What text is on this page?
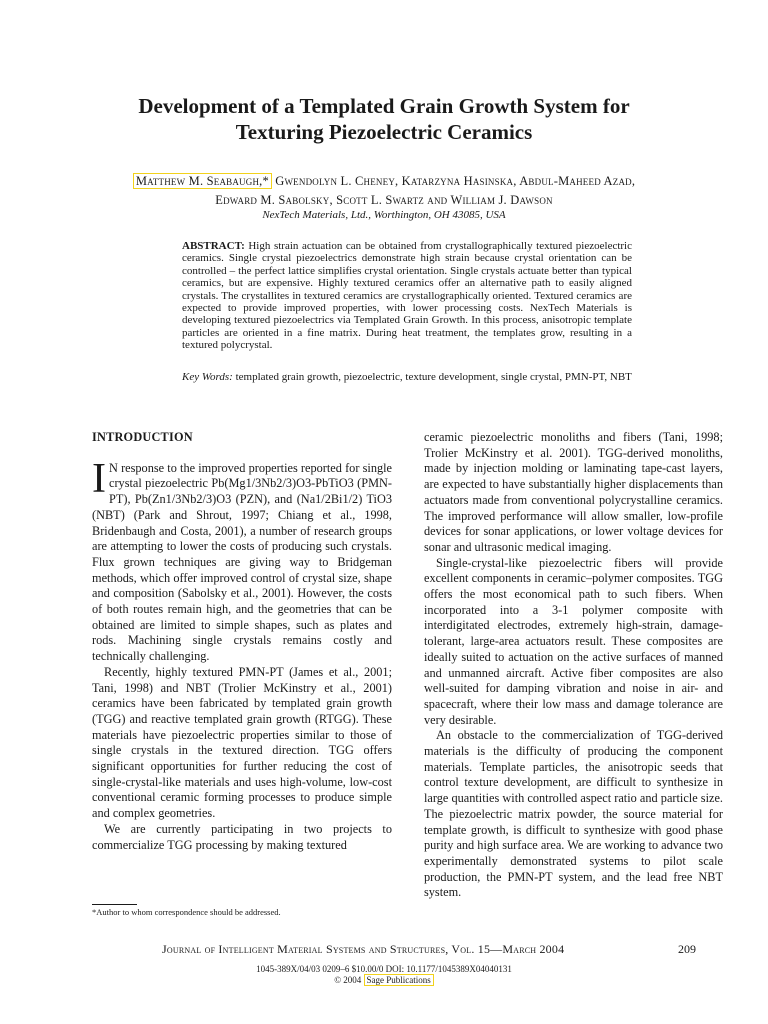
Development of a Templated Grain Growth System for
Texturing Piezoelectric Ceramics
Matthew M. Seabaugh,* Gwendolyn L. Cheney, Katarzyna Hasinska, Abdul-Maheed Azad,
Edward M. Sabolsky, Scott L. Swartz and William J. Dawson
NexTech Materials, Ltd., Worthington, OH 43085, USA
ABSTRACT: High strain actuation can be obtained from crystallographically textured piezoelectric ceramics. Single crystal piezoelectrics demonstrate high strain because crystal orientation can be controlled – the perfect lattice simplifies crystal orientation. Single crystals actuate better than typical ceramics, but are expensive. Highly textured ceramics offer an alternative path to easily aligned crystals. The crystallites in textured ceramics are crystallographically oriented. Textured ceramics are expected to provide improved properties, with lower processing costs. NexTech Materials is developing textured piezoelectrics via Templated Grain Growth. In this process, anisotropic template particles are oriented in a fine matrix. During heat treatment, the templates grow, resulting in a textured polycrystal.
Key Words: templated grain growth, piezoelectric, texture development, single crystal, PMN-PT, NBT
INTRODUCTION

I N response to the improved properties reported for single crystal piezoelectric Pb(Mg1/3Nb2/3)O3-PbTiO3 (PMN-PT), Pb(Zn1/3Nb2/3)O3 (PZN), and (Na1/2Bi1/2) TiO3 (NBT) (Park and Shrout, 1997; Chiang et al., 1998, Bridenbaugh and Costa, 2001), a number of research groups are attempting to lower the costs of producing such crystals. Flux grown techniques are giving way to Bridgeman methods, which offer improved control of crystal size, shape and composition (Sabolsky et al., 2001). However, the costs of both routes remain high, and the geometries that can be obtained are limited to simple shapes, such as plates and rods. Machining single crystals remains costly and technically challenging.

Recently, highly textured PMN-PT (James et al., 2001; Tani, 1998) and NBT (Trolier McKinstry et al., 2001) ceramics have been fabricated by templated grain growth (TGG) and reactive templated grain growth (RTGG). These materials have piezoelectric properties similar to those of single crystals in the textured direction. TGG offers significant opportunities for further reducing the cost of single-crystal-like materials and uses high-volume, low-cost conventional ceramic forming processes to produce simple and complex geometries.

We are currently participating in two projects to commercialize TGG processing by making textured

ceramic piezoelectric monoliths and fibers (Tani, 1998; Trolier McKinstry et al. 2001). TGG-derived monoliths, made by injection molding or laminating tape-cast layers, are expected to have substantially higher displacements than actuators made from conventional polycrystalline ceramics. The improved performance will allow smaller, low-profile devices for sonar applications, or lower voltage devices for sonar and ultrasonic medical imaging.

Single-crystal-like piezoelectric fibers will provide excellent components in ceramic–polymer composites. TGG offers the most economical path to such fibers. When incorporated into a 3-1 polymer composite with interdigitated electrodes, extremely high-strain, damage-tolerant, large-area actuators result. These composites are ideally suited to actuation on the active surfaces of manned and unmanned aircraft. Active fiber composites are also well-suited for damping vibration and noise in air- and spacecraft, where their low mass and damage tolerance are very desirable.

An obstacle to the commercialization of TGG-derived materials is the difficulty of producing the component materials. Template particles, the anisotropic seeds that control texture development, are difficult to synthesize in large quantities with controlled aspect ratio and particle size. The piezoelectric matrix powder, the source material for template growth, is difficult to synthesize with good phase purity and high surface area. We are working to advance two experimentally demonstrated systems to pilot scale production, the PMN-PT system, and the lead free NBT system.

*Author to whom correspondence should be addressed.
Journal of Intelligent Material Systems and Structures, Vol. 15—March 2004	209
1045-389X/04/03 0209–6 $10.00/0 DOI: 10.1177/1045389X04040131
© 2004 Sage Publications
